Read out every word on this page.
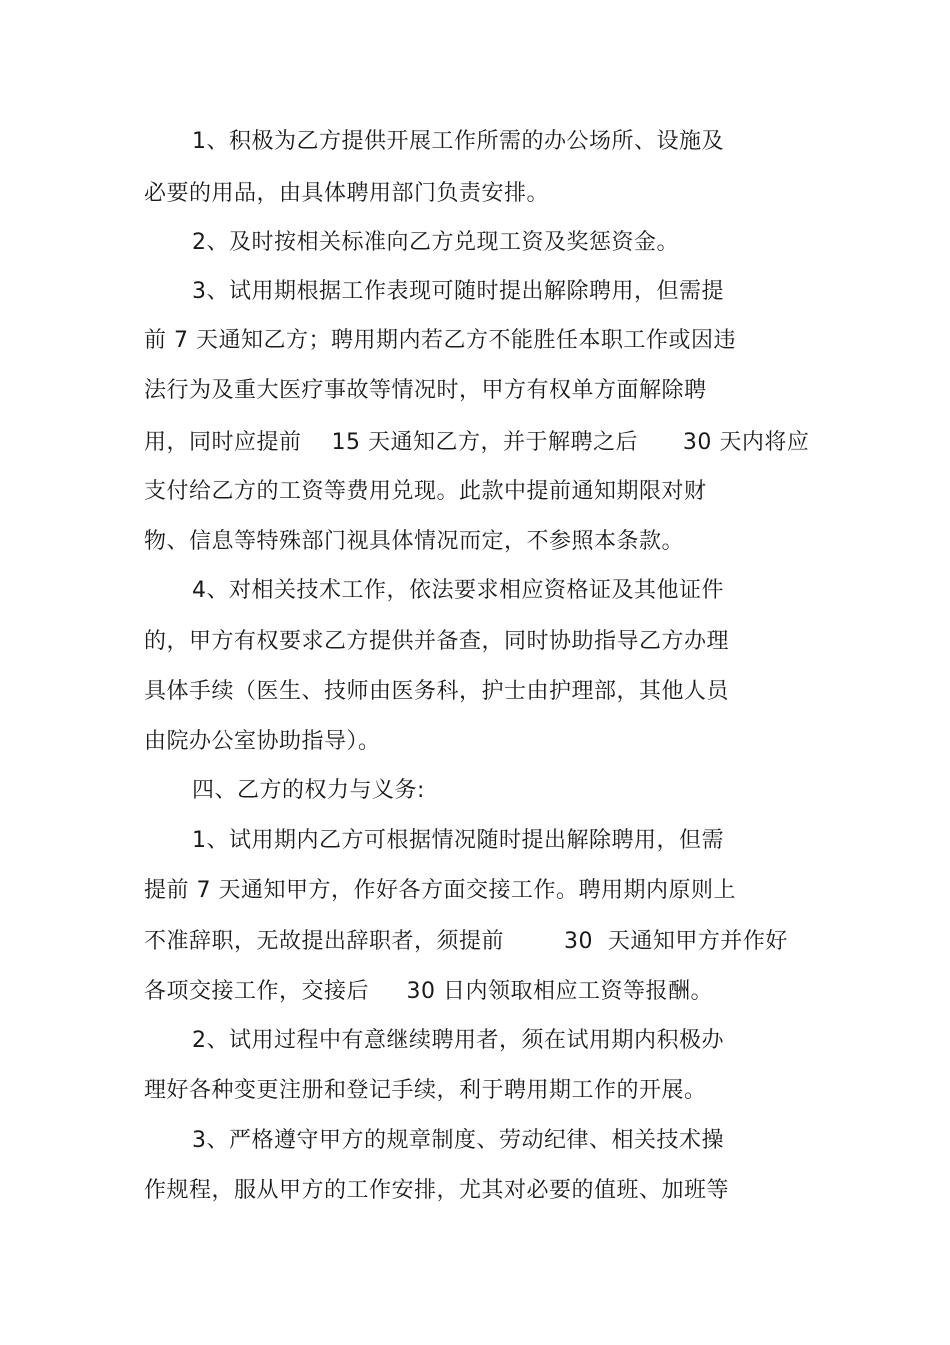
1、积极为乙方提供开展工作所需的办公场所、设施及
必要的用品，由具体聘用部门负责安排。
2、及时按相关标准向乙方兑现工资及奖惩资金。
3、试用期根据工作表现可随时提出解除聘用，但需提
前 7 天通知乙方；聘用期内若乙方不能胜任本职工作或因违
法行为及重大医疗事故等情况时，甲方有权单方面解除聘
用，同时应提前    15 天通知乙方，并于解聘之后      30 天内将应
支付给乙方的工资等费用兑现。此款中提前通知期限对财
物、信息等特殊部门视具体情况而定，不参照本条款。
4、对相关技术工作，依法要求相应资格证及其他证件
的，甲方有权要求乙方提供并备查，同时协助指导乙方办理
具体手续（医生、技师由医务科，护士由护理部，其他人员
由院办公室协助指导）。
四、乙方的权力与义务:
1、试用期内乙方可根据情况随时提出解除聘用，但需
提前 7 天通知甲方，作好各方面交接工作。聘用期内原则上
不准辞职，无故提出辞职者，须提前        30  天通知甲方并作好
各项交接工作，交接后     30 日内领取相应工资等报酬。
2、试用过程中有意继续聘用者，须在试用期内积极办
理好各种变更注册和登记手续，利于聘用期工作的开展。
3、严格遵守甲方的规章制度、劳动纪律、相关技术操
作规程，服从甲方的工作安排，尤其对必要的值班、加班等
